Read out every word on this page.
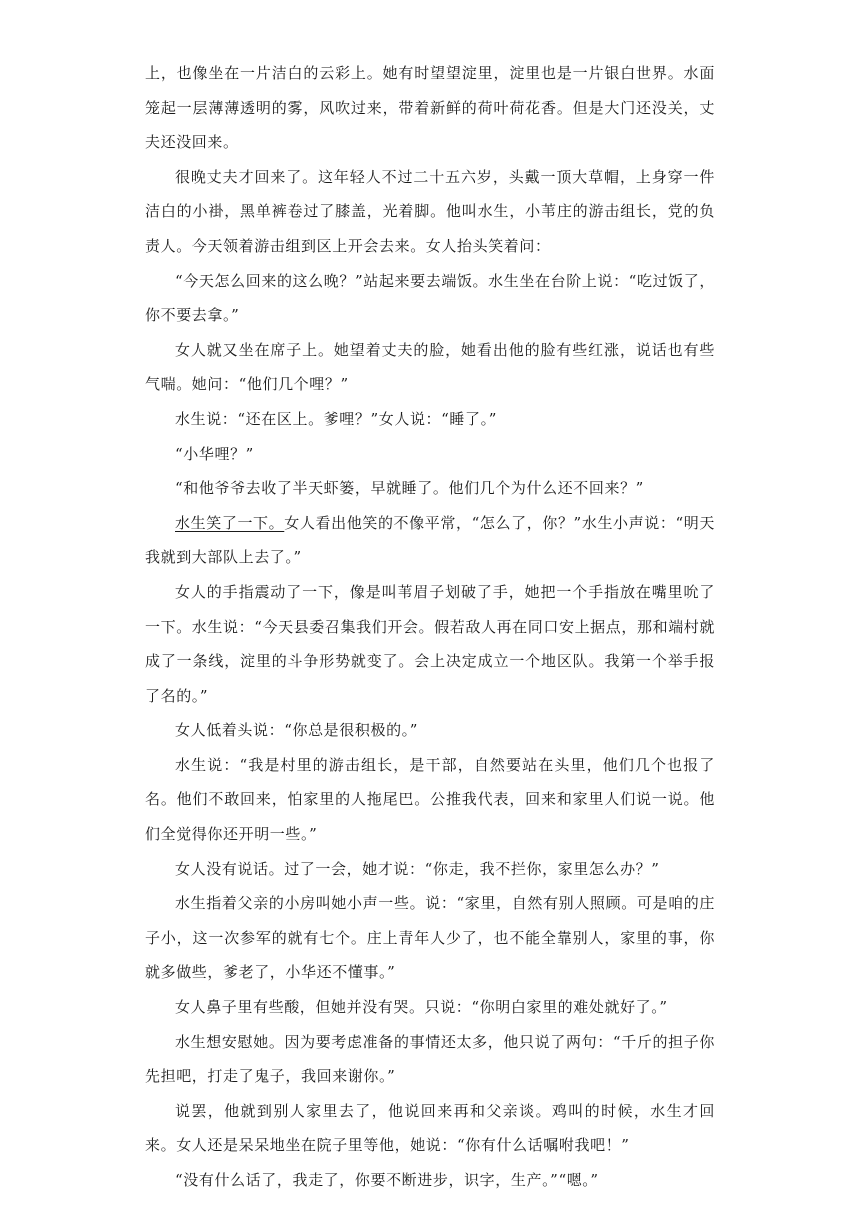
上，也像坐在一片洁白的云彩上。她有时望望淀里，淀里也是一片银白世界。水面笼起一层薄薄透明的雾，风吹过来，带着新鲜的荷叶荷花香。但是大门还没关，丈夫还没回来。

很晚丈夫才回来了。这年轻人不过二十五六岁，头戴一顶大草帽，上身穿一件洁白的小褂，黑单裤卷过了膝盖，光着脚。他叫水生，小苇庄的游击组长，党的负责人。今天领着游击组到区上开会去来。女人抬头笑着问：

“今天怎么回来的这么晚？”站起来要去端饭。水生坐在台阶上说：“吃过饭了，你不要去拿。”

女人就又坐在席子上。她望着丈夫的脸，她看出他的脸有些红涨，说话也有些气喘。她问：“他们几个哩？”

水生说：“还在区上。爹哩？”女人说：“睡了。”

“小华哩？”

“和他爷爷去收了半天虾篓，早就睡了。他们几个为什么还不回来？”

水生笑了一下。女人看出他笑的不像平常，“怎么了，你？”水生小声说：“明天我就到大部队上去了。”

女人的手指震动了一下，像是叫苇眉子划破了手，她把一个手指放在嘴里吮了一下。水生说：“今天县委召集我们开会。假若敌人再在同口安上据点，那和端村就成了一条线，淀里的斗争形势就变了。会上决定成立一个地区队。我第一个举手报了名的。”

女人低着头说：“你总是很积极的。”

水生说：“我是村里的游击组长，是干部，自然要站在头里，他们几个也报了名。他们不敢回来，怕家里的人拖尾巴。公推我代表，回来和家里人们说一说。他们全觉得你还开明一些。”

女人没有说话。过了一会，她才说：“你走，我不拦你，家里怎么办？”

水生指着父亲的小房叫她小声一些。说：“家里，自然有别人照顾。可是咱的庄子小，这一次参军的就有七个。庄上青年人少了，也不能全靠别人，家里的事，你就多做些，爹老了，小华还不懂事。”

女人鼻子里有些酸，但她并没有哭。只说：“你明白家里的难处就好了。”

水生想安慰她。因为要考虑准备的事情还太多，他只说了两句：“千斤的担子你先担吧，打走了鬼子，我回来谢你。”

说罢，他就到别人家里去了，他说回来再和父亲谈。鸡叫的时候，水生才回来。女人还是呆呆地坐在院子里等他，她说：“你有什么话嘱咐我吧！”

“没有什么话了，我走了，你要不断进步，识字，生产。”“嗯。”
